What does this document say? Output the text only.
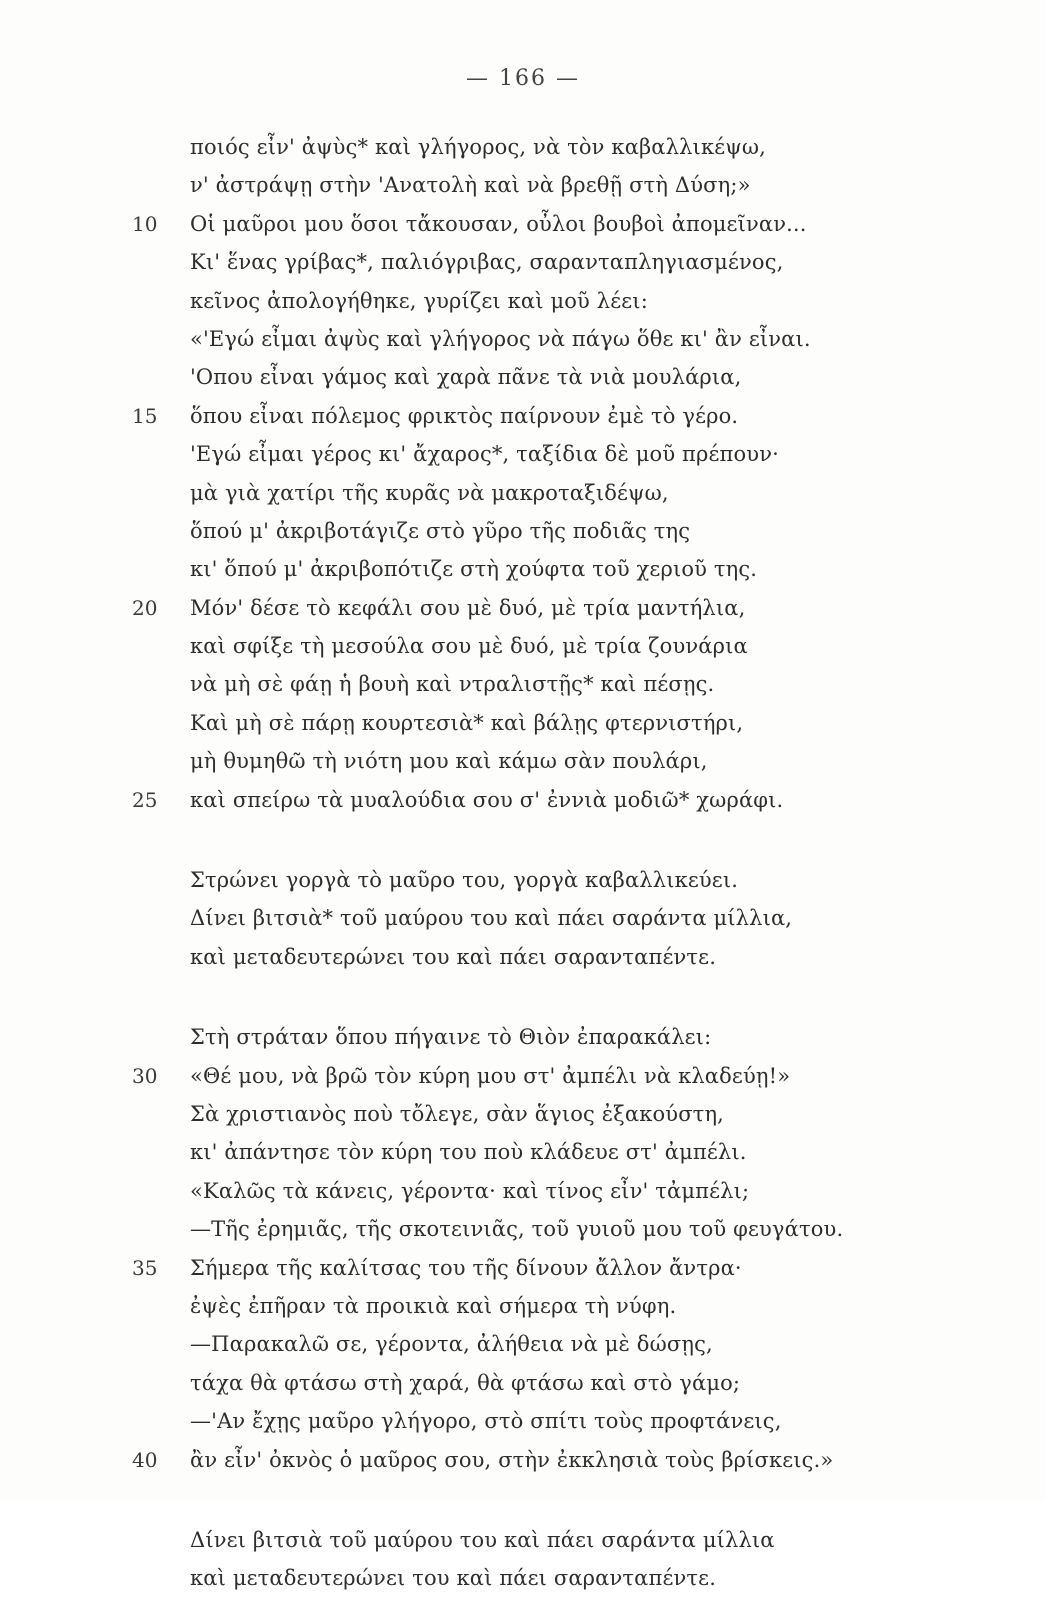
— 166 —
ποιός εἶν' ἀψὺς* καὶ γλήγορος, νὰ τὸν καβαλλικέψω,
ν' ἀστράψῃ στὴν 'Ανατολὴ καὶ νὰ βρεθῇ στὴ Δύση;»
10	Οἱ μαῦροι μου ὅσοι τἄκουσαν, οὖλοι βουβοὶ ἀπομεῖναν...
Κι' ἕνας γρίβας*, παλιόγριβας, σαρανταπληγιασμένος,
κεῖνος ἀπολογήθηκε, γυρίζει καὶ μοῦ λέει:
«'Εγώ εἶμαι ἀψὺς καὶ γλήγορος νὰ πάγω ὅθε κι' ἂν εἶναι.
'Οπου εἶναι γάμος καὶ χαρὰ πᾶνε τὰ νιὰ μουλάρια,
15	ὅπου εἶναι πόλεμος φρικτὸς παίρνουν ἐμὲ τὸ γέρο.
'Εγώ εἶμαι γέρος κι' ἄχαρος*, ταξίδια δὲ μοῦ πρέπουν·
μὰ γιὰ χατίρι τῆς κυρᾶς νὰ μακροταξιδέψω,
ὅπού μ' ἀκριβοτάγιζε στὸ γῦρο τῆς ποδιᾶς της
κι' ὅπού μ' ἀκριβοπότιζε στὴ χούφτα τοῦ χεριοῦ της.
20	Μόν' δέσε τὸ κεφάλι σου μὲ δυό, μὲ τρία μαντήλια,
καὶ σφίξε τὴ μεσούλα σου μὲ δυό, μὲ τρία ζουνάρια
νὰ μὴ σὲ φάῃ ἡ βουὴ καὶ ντραλιστῇς* καὶ πέσῃς.
Καὶ μὴ σὲ πάρῃ κουρτεσιὰ* καὶ βάλῃς φτερνιστήρι,
μὴ θυμηθῶ τὴ νιότη μου καὶ κάμω σὰν πουλάρι,
25	καὶ σπείρω τὰ μυαλούδια σου σ' ἐννιὰ μοδιῶ* χωράφι.
Στρώνει γοργὰ τὸ μαῦρο του, γοργὰ καβαλλικεύει.
Δίνει βιτσιὰ* τοῦ μαύρου του καὶ πάει σαράντα μίλλια,
καὶ μεταδευτερώνει του καὶ πάει σαρανταπέντε.
Στὴ στράταν ὅπου πήγαινε τὸ Θιὸν ἐπαρακάλει:
30	«Θέ μου, νὰ βρῶ τὸν κύρη μου στ' ἀμπέλι νὰ κλαδεύῃ!»
Σὰ χριστιανὸς ποὺ τὄλεγε, σὰν ἅγιος ἐξακούστη,
κι' ἀπάντησε τὸν κύρη του ποὺ κλάδευε στ' ἀμπέλι.
«Καλῶς τὰ κάνεις, γέροντα· καὶ τίνος εἶν' τἀμπέλι;
—Τῆς ἐρημιᾶς, τῆς σκοτεινιᾶς, τοῦ γυιοῦ μου τοῦ φευγάτου.
35	Σήμερα τῆς καλίτσας του τῆς δίνουν ἄλλον ἄντρα·
ἐψὲς ἐπῆραν τὰ προικιὰ καὶ σήμερα τὴ νύφη.
—Παρακαλῶ σε, γέροντα, ἀλήθεια νὰ μὲ δώσῃς,
τάχα θὰ φτάσω στὴ χαρά, θὰ φτάσω καὶ στὸ γάμο;
—'Αν ἔχῃς μαῦρο γλήγορο, στὸ σπίτι τοὺς προφτάνεις,
40	ἂν εἶν' ὀκνὸς ὁ μαῦρος σου, στὴν ἐκκλησιὰ τοὺς βρίσκεις.»
Δίνει βιτσιὰ τοῦ μαύρου του καὶ πάει σαράντα μίλλια
καὶ μεταδευτερώνει του καὶ πάει σαρανταπέντε.
